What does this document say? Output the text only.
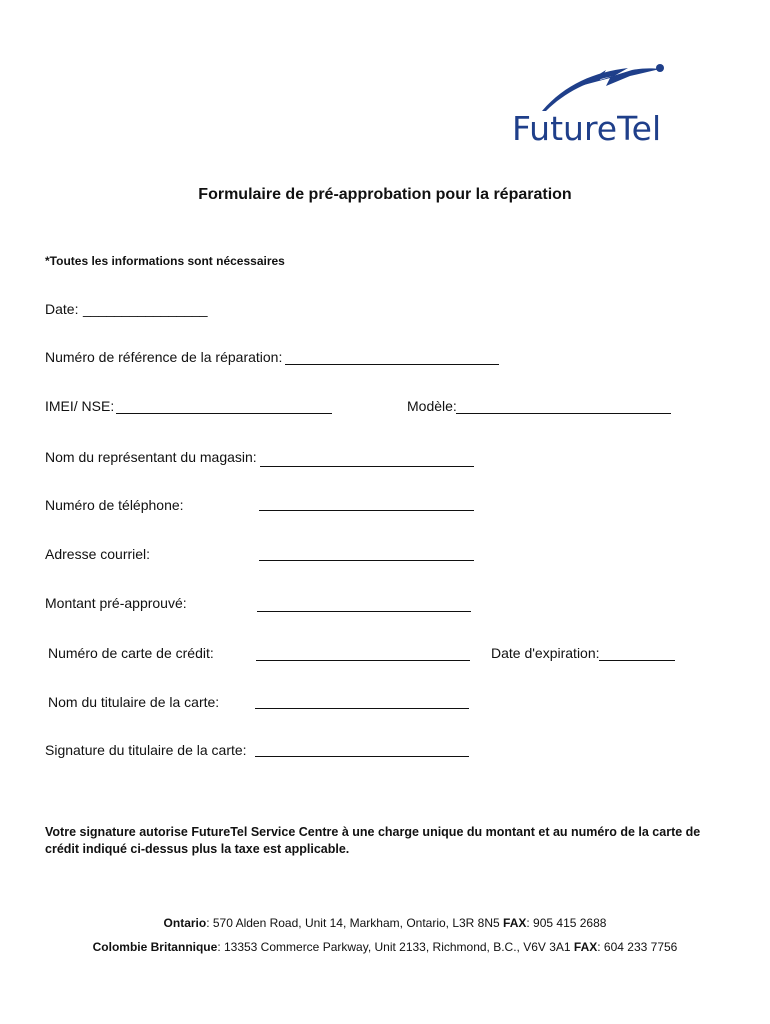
FutureTel
Formulaire de pré-approbation pour la réparation
*Toutes les informations sont nécessaires
Date: ________________
Numéro de référence de la réparation:
IMEI/ NSE:	Modèle:
Nom du représentant du magasin:
Numéro de téléphone:
Adresse courriel:
Montant pré-approuvé:
Numéro de carte de crédit:	Date d'expiration:
Nom du titulaire de la carte:
Signature du titulaire de la carte:
Votre signature autorise FutureTel Service Centre à une charge unique du montant et au numéro de la carte de crédit indiqué ci-dessus plus la taxe est applicable.
Ontario: 570 Alden Road, Unit 14, Markham, Ontario, L3R 8N5 FAX: 905 415 2688
Colombie Britannique: 13353 Commerce Parkway, Unit 2133, Richmond, B.C., V6V 3A1 FAX: 604 233 7756
